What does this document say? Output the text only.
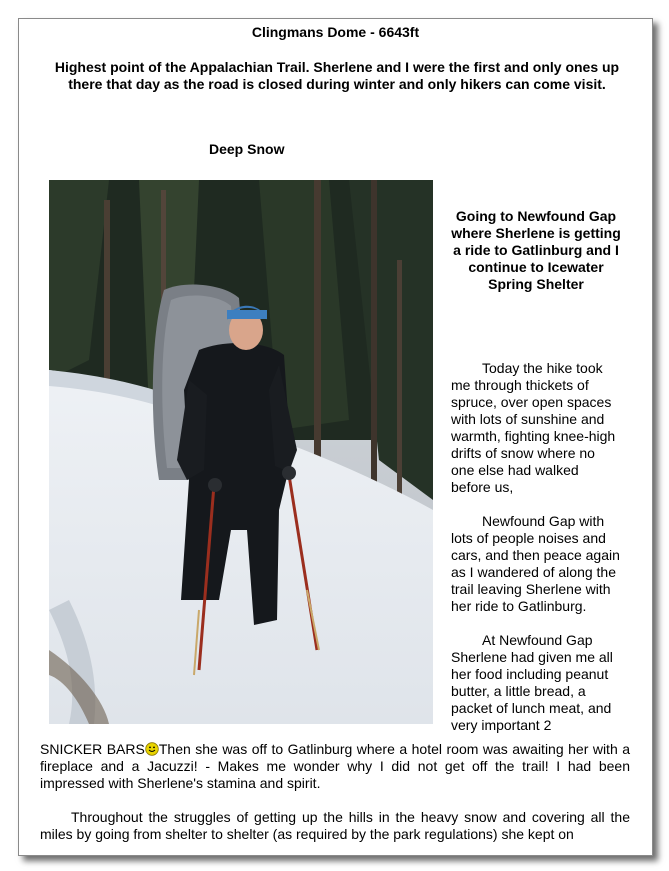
Clingmans Dome - 6643ft
Highest point of the Appalachian Trail. Sherlene and I were the first and only ones up there that day as the road is closed during winter and only hikers can come visit.
Deep Snow
Going to Newfound Gap where Sherlene is getting a ride to Gatlinburg and I continue to Icewater Spring Shelter

Today the hike took me through thickets of spruce, over open spaces with lots of sunshine and warmth, fighting knee-high drifts of snow where no one else had walked before us,

Newfound Gap with lots of people noises and cars, and then peace again as I wandered of along the trail leaving Sherlene with her ride to Gatlinburg.

At Newfound Gap Sherlene had given me all her food including peanut butter, a little bread, a packet of lunch meat, and very important 2

SNICKER BARS Then she was off to Gatlinburg where a hotel room was awaiting her with a fireplace and a Jacuzzi! - Makes me wonder why I did not get off the trail! I had been impressed with Sherlene's stamina and spirit.

Throughout the struggles of getting up the hills in the heavy snow and covering all the miles by going from shelter to shelter (as required by the park regulations) she kept on
